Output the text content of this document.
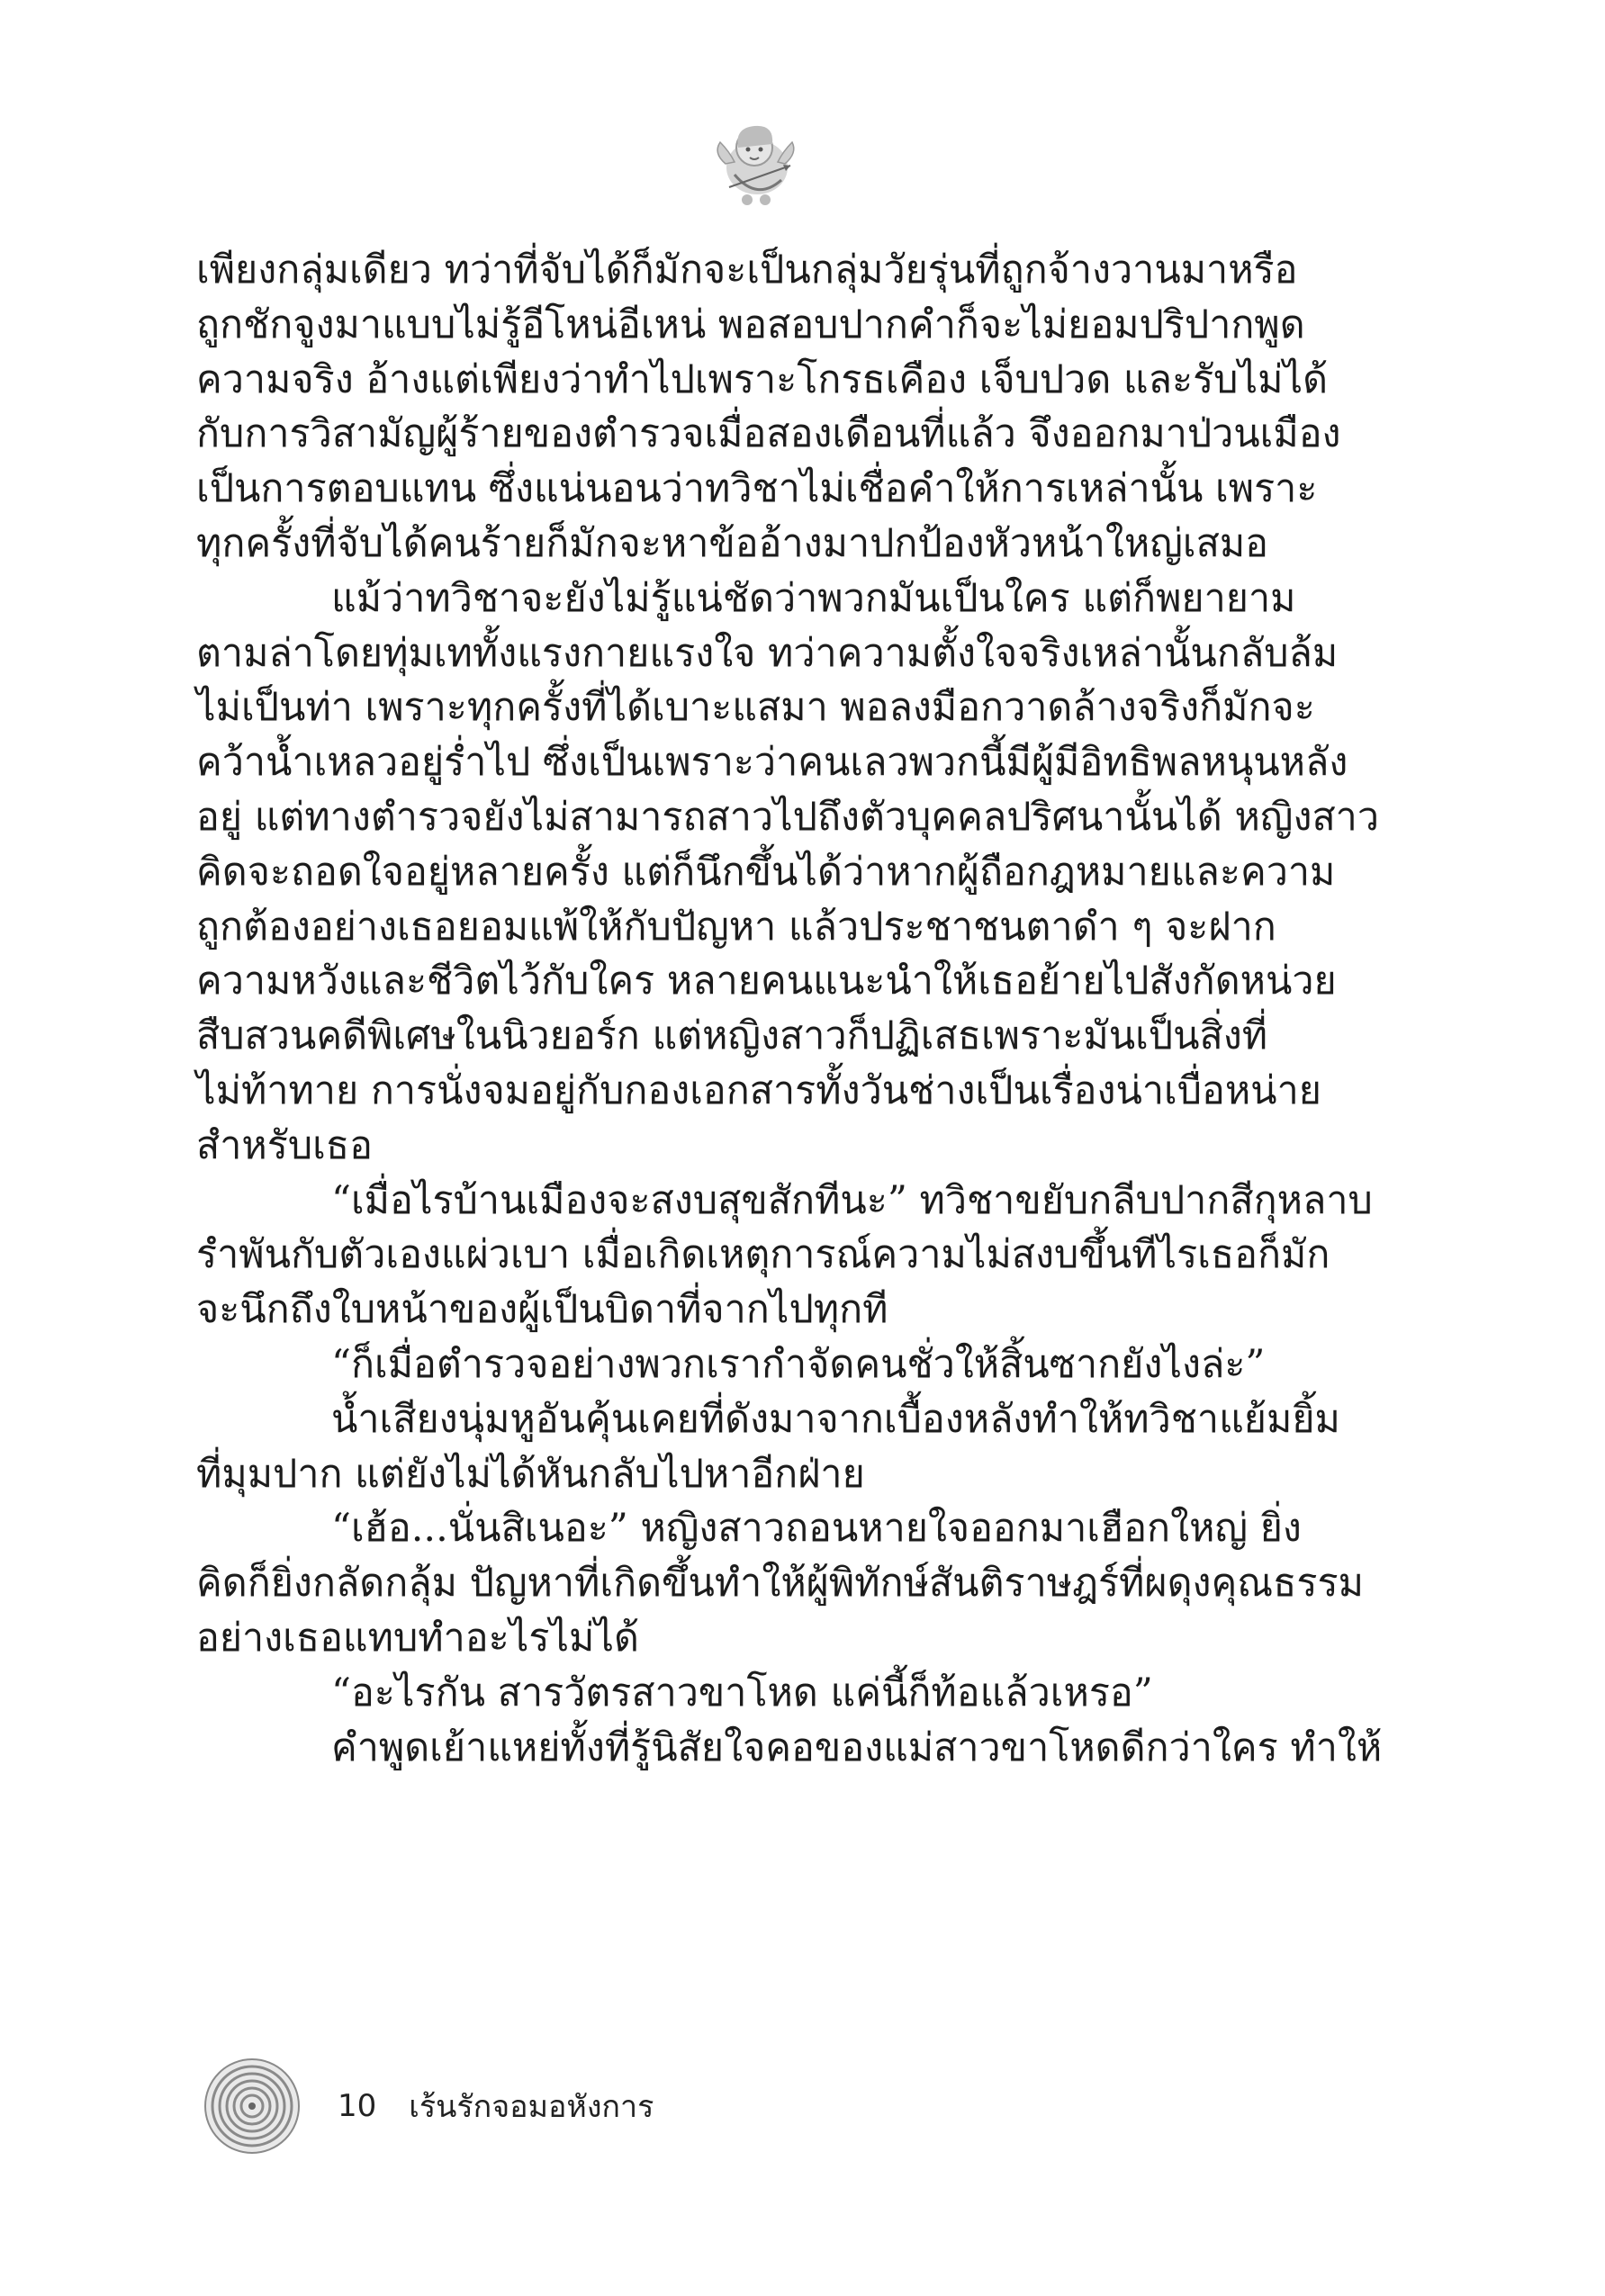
เพียงกลุ่มเดียว ทว่าที่จับได้ก็มักจะเป็นกลุ่มวัยรุ่นที่ถูกจ้างวานมาหรือ
ถูกชักจูงมาแบบไม่รู้อีโหน่อีเหน่ พอสอบปากคำก็จะไม่ยอมปริปากพูด
ความจริง อ้างแต่เพียงว่าทำไปเพราะโกรธเคือง เจ็บปวด และรับไม่ได้
กับการวิสามัญผู้ร้ายของตำรวจเมื่อสองเดือนที่แล้ว จึงออกมาป่วนเมือง
เป็นการตอบแทน ซึ่งแน่นอนว่าทวิชาไม่เชื่อคำให้การเหล่านั้น เพราะ
ทุกครั้งที่จับได้คนร้ายก็มักจะหาข้ออ้างมาปกป้องหัวหน้าใหญ่เสมอ

แม้ว่าทวิชาจะยังไม่รู้แน่ชัดว่าพวกมันเป็นใคร แต่ก็พยายาม
ตามล่าโดยทุ่มเททั้งแรงกายแรงใจ ทว่าความตั้งใจจริงเหล่านั้นกลับล้ม
ไม่เป็นท่า เพราะทุกครั้งที่ได้เบาะแสมา พอลงมือกวาดล้างจริงก็มักจะ
คว้าน้ำเหลวอยู่ร่ำไป ซึ่งเป็นเพราะว่าคนเลวพวกนี้มีผู้มีอิทธิพลหนุนหลัง
อยู่ แต่ทางตำรวจยังไม่สามารถสาวไปถึงตัวบุคคลปริศนานั้นได้ หญิงสาว
คิดจะถอดใจอยู่หลายครั้ง แต่ก็นึกขึ้นได้ว่าหากผู้ถือกฎหมายและความ
ถูกต้องอย่างเธอยอมแพ้ให้กับปัญหา แล้วประชาชนตาดำ ๆ จะฝาก
ความหวังและชีวิตไว้กับใคร หลายคนแนะนำให้เธอย้ายไปสังกัดหน่วย
สืบสวนคดีพิเศษในนิวยอร์ก แต่หญิงสาวก็ปฏิเสธเพราะมันเป็นสิ่งที่
ไม่ท้าทาย การนั่งจมอยู่กับกองเอกสารทั้งวันช่างเป็นเรื่องน่าเบื่อหน่าย
สำหรับเธอ

“เมื่อไรบ้านเมืองจะสงบสุขสักทีนะ” ทวิชาขยับกลีบปากสีกุหลาบ
รำพันกับตัวเองแผ่วเบา เมื่อเกิดเหตุการณ์ความไม่สงบขึ้นทีไรเธอก็มัก
จะนึกถึงใบหน้าของผู้เป็นบิดาที่จากไปทุกที

“ก็เมื่อตำรวจอย่างพวกเรากำจัดคนชั่วให้สิ้นซากยังไงล่ะ”

น้ำเสียงนุ่มหูอันคุ้นเคยที่ดังมาจากเบื้องหลังทำให้ทวิชาแย้มยิ้ม
ที่มุมปาก แต่ยังไม่ได้หันกลับไปหาอีกฝ่าย

“เฮ้อ...นั่นสิเนอะ” หญิงสาวถอนหายใจออกมาเฮือกใหญ่ ยิ่ง
คิดก็ยิ่งกลัดกลุ้ม ปัญหาที่เกิดขึ้นทำให้ผู้พิทักษ์สันติราษฎร์ที่ผดุงคุณธรรม
อย่างเธอแทบทำอะไรไม่ได้

“อะไรกัน สารวัตรสาวขาโหด แค่นี้ก็ท้อแล้วเหรอ”

คำพูดเย้าแหย่ทั้งที่รู้นิสัยใจคอของแม่สาวขาโหดดีกว่าใคร ทำให้

10 เร้นรักจอมอหังการ
